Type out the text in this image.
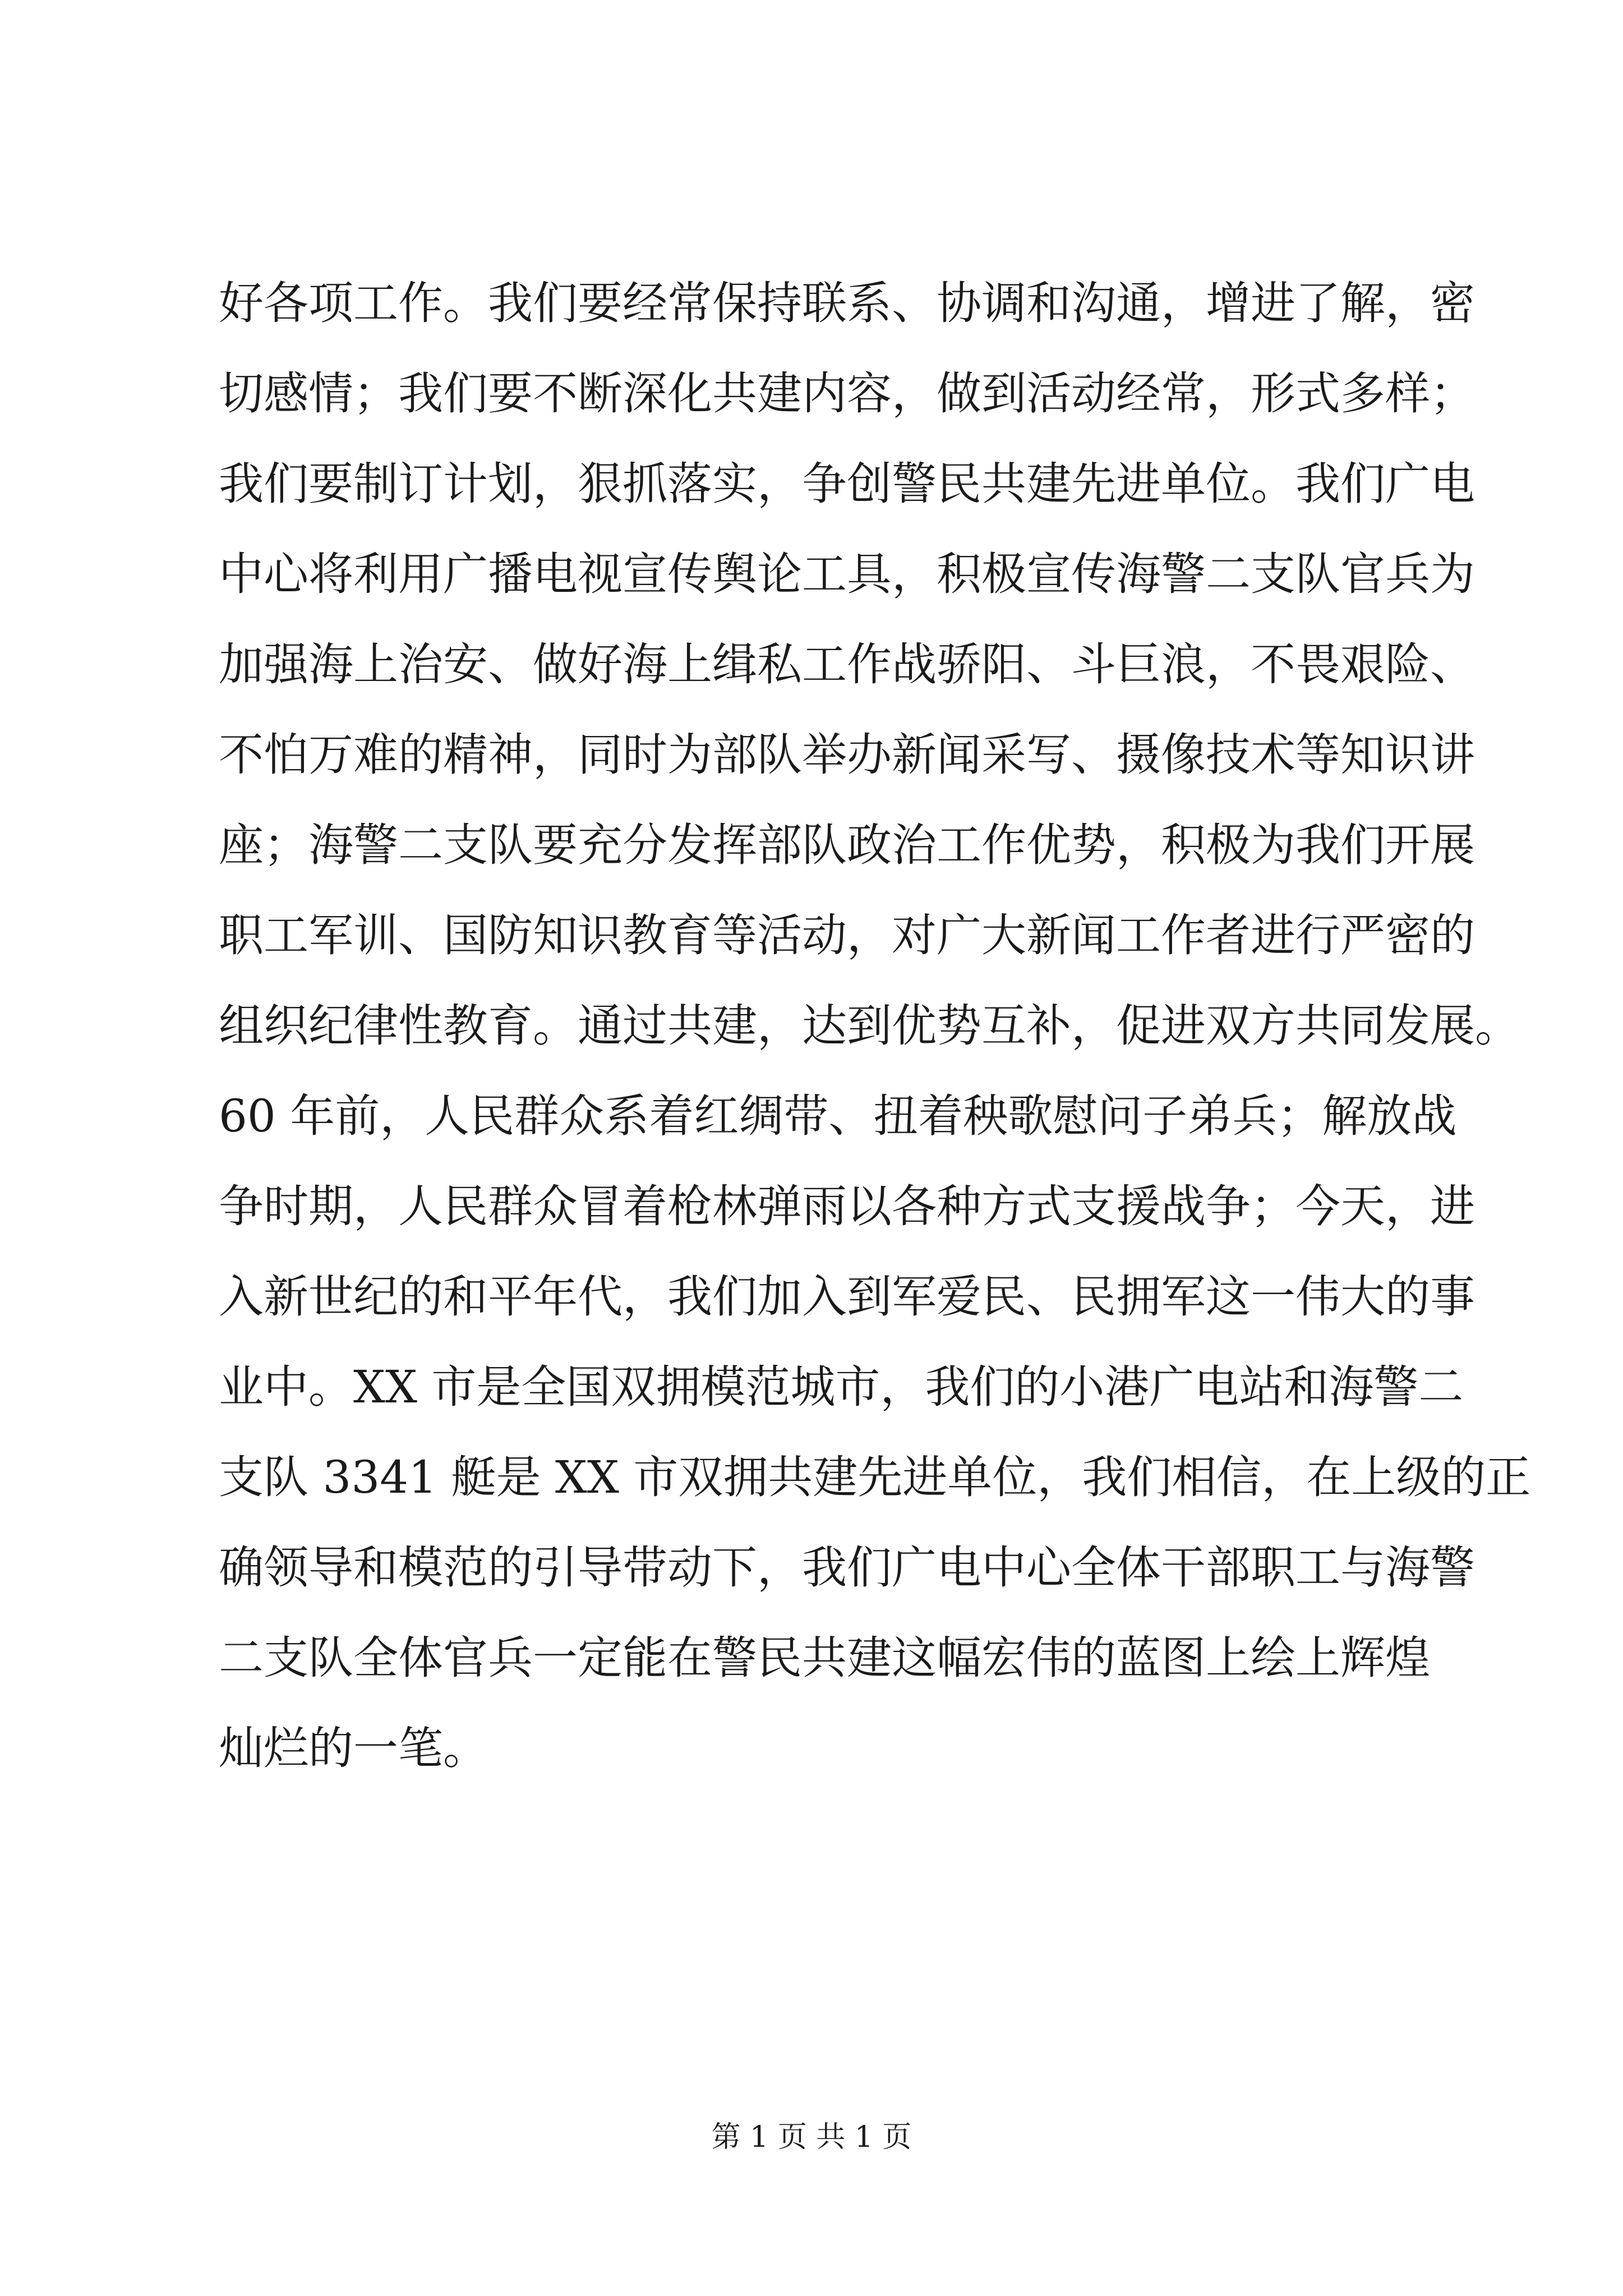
好各项工作。我们要经常保持联系、协调和沟通，增进了解，密
切感情；我们要不断深化共建内容，做到活动经常，形式多样；
我们要制订计划，狠抓落实，争创警民共建先进单位。我们广电
中心将利用广播电视宣传舆论工具，积极宣传海警二支队官兵为
加强海上治安、做好海上缉私工作战骄阳、斗巨浪，不畏艰险、
不怕万难的精神，同时为部队举办新闻采写、摄像技术等知识讲
座；海警二支队要充分发挥部队政治工作优势，积极为我们开展
职工军训、国防知识教育等活动，对广大新闻工作者进行严密的
组织纪律性教育。通过共建，达到优势互补，促进双方共同发展。
60 年前，人民群众系着红绸带、扭着秧歌慰问子弟兵；解放战
争时期，人民群众冒着枪林弹雨以各种方式支援战争；今天，进
入新世纪的和平年代，我们加入到军爱民、民拥军这一伟大的事
业中。XX 市是全国双拥模范城市，我们的小港广电站和海警二
支队 3341 艇是 XX 市双拥共建先进单位，我们相信，在上级的正
确领导和模范的引导带动下，我们广电中心全体干部职工与海警
二支队全体官兵一定能在警民共建这幅宏伟的蓝图上绘上辉煌
灿烂的一笔。
第 1 页 共 1 页
